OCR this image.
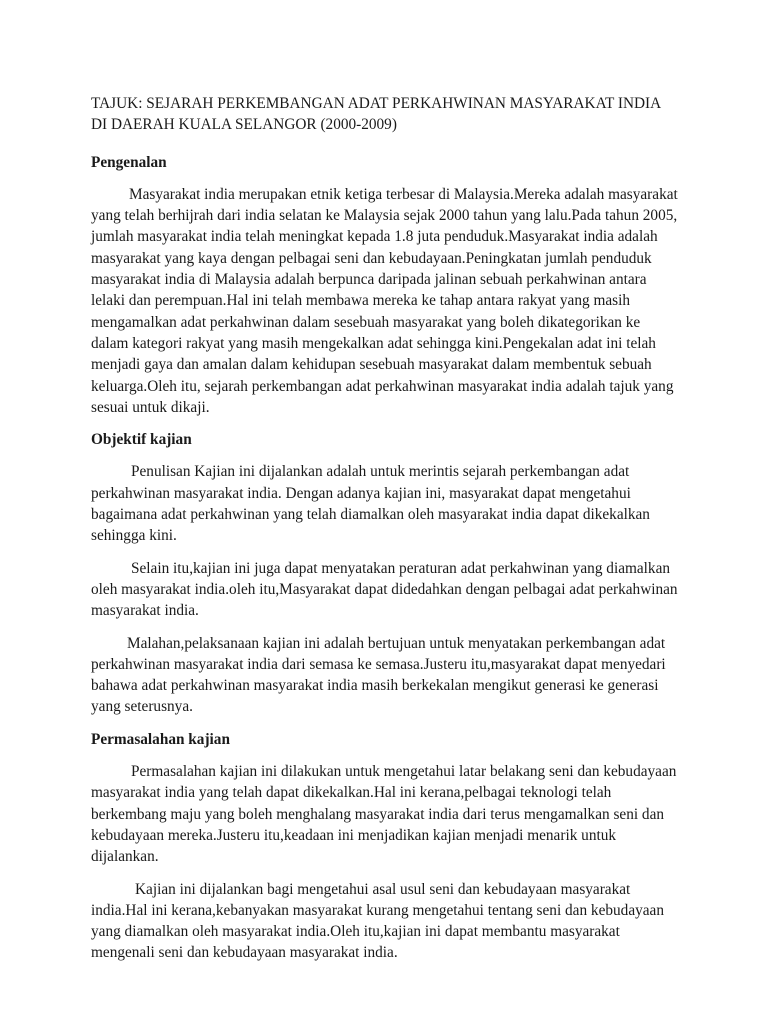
TAJUK: SEJARAH PERKEMBANGAN ADAT PERKAHWINAN MASYARAKAT INDIA DI DAERAH KUALA SELANGOR (2000-2009)

Pengenalan

Masyarakat india merupakan etnik ketiga terbesar di Malaysia.Mereka adalah masyarakat yang telah berhijrah dari india selatan ke Malaysia sejak 2000 tahun yang lalu.Pada tahun 2005, jumlah masyarakat india telah meningkat kepada 1.8 juta penduduk.Masyarakat india adalah masyarakat yang kaya dengan pelbagai seni dan kebudayaan.Peningkatan jumlah penduduk masyarakat india di Malaysia adalah berpunca daripada jalinan sebuah perkahwinan antara lelaki dan perempuan.Hal ini telah membawa mereka ke tahap antara rakyat yang masih mengamalkan adat perkahwinan dalam sesebuah masyarakat yang boleh dikategorikan ke dalam kategori rakyat yang masih mengekalkan adat sehingga kini.Pengekalan adat ini telah menjadi gaya dan amalan dalam kehidupan sesebuah masyarakat dalam membentuk sebuah keluarga.Oleh itu, sejarah perkembangan adat perkahwinan masyarakat india adalah tajuk yang sesuai untuk dikaji.

Objektif kajian

Penulisan Kajian ini dijalankan adalah untuk merintis sejarah perkembangan adat perkahwinan masyarakat india. Dengan adanya kajian ini, masyarakat dapat mengetahui bagaimana adat perkahwinan yang telah diamalkan oleh masyarakat india dapat dikekalkan sehingga kini.

Selain itu,kajian ini juga dapat menyatakan peraturan adat perkahwinan yang diamalkan oleh masyarakat india.oleh itu,Masyarakat dapat didedahkan dengan pelbagai adat perkahwinan masyarakat india.

Malahan,pelaksanaan kajian ini adalah bertujuan untuk menyatakan perkembangan adat perkahwinan masyarakat india dari semasa ke semasa.Justeru itu,masyarakat dapat menyedari bahawa adat perkahwinan masyarakat india masih berkekalan mengikut generasi ke generasi yang seterusnya.

Permasalahan kajian

Permasalahan kajian ini dilakukan untuk mengetahui latar belakang seni dan kebudayaan masyarakat india yang telah dapat dikekalkan.Hal ini kerana,pelbagai teknologi telah berkembang maju yang boleh menghalang masyarakat india dari terus mengamalkan seni dan kebudayaan mereka.Justeru itu,keadaan ini menjadikan kajian menjadi menarik untuk dijalankan.

Kajian ini dijalankan bagi mengetahui asal usul seni dan kebudayaan masyarakat india.Hal ini kerana,kebanyakan masyarakat kurang mengetahui tentang seni dan kebudayaan yang diamalkan oleh masyarakat india.Oleh itu,kajian ini dapat membantu masyarakat mengenali seni dan kebudayaan masyarakat india.
